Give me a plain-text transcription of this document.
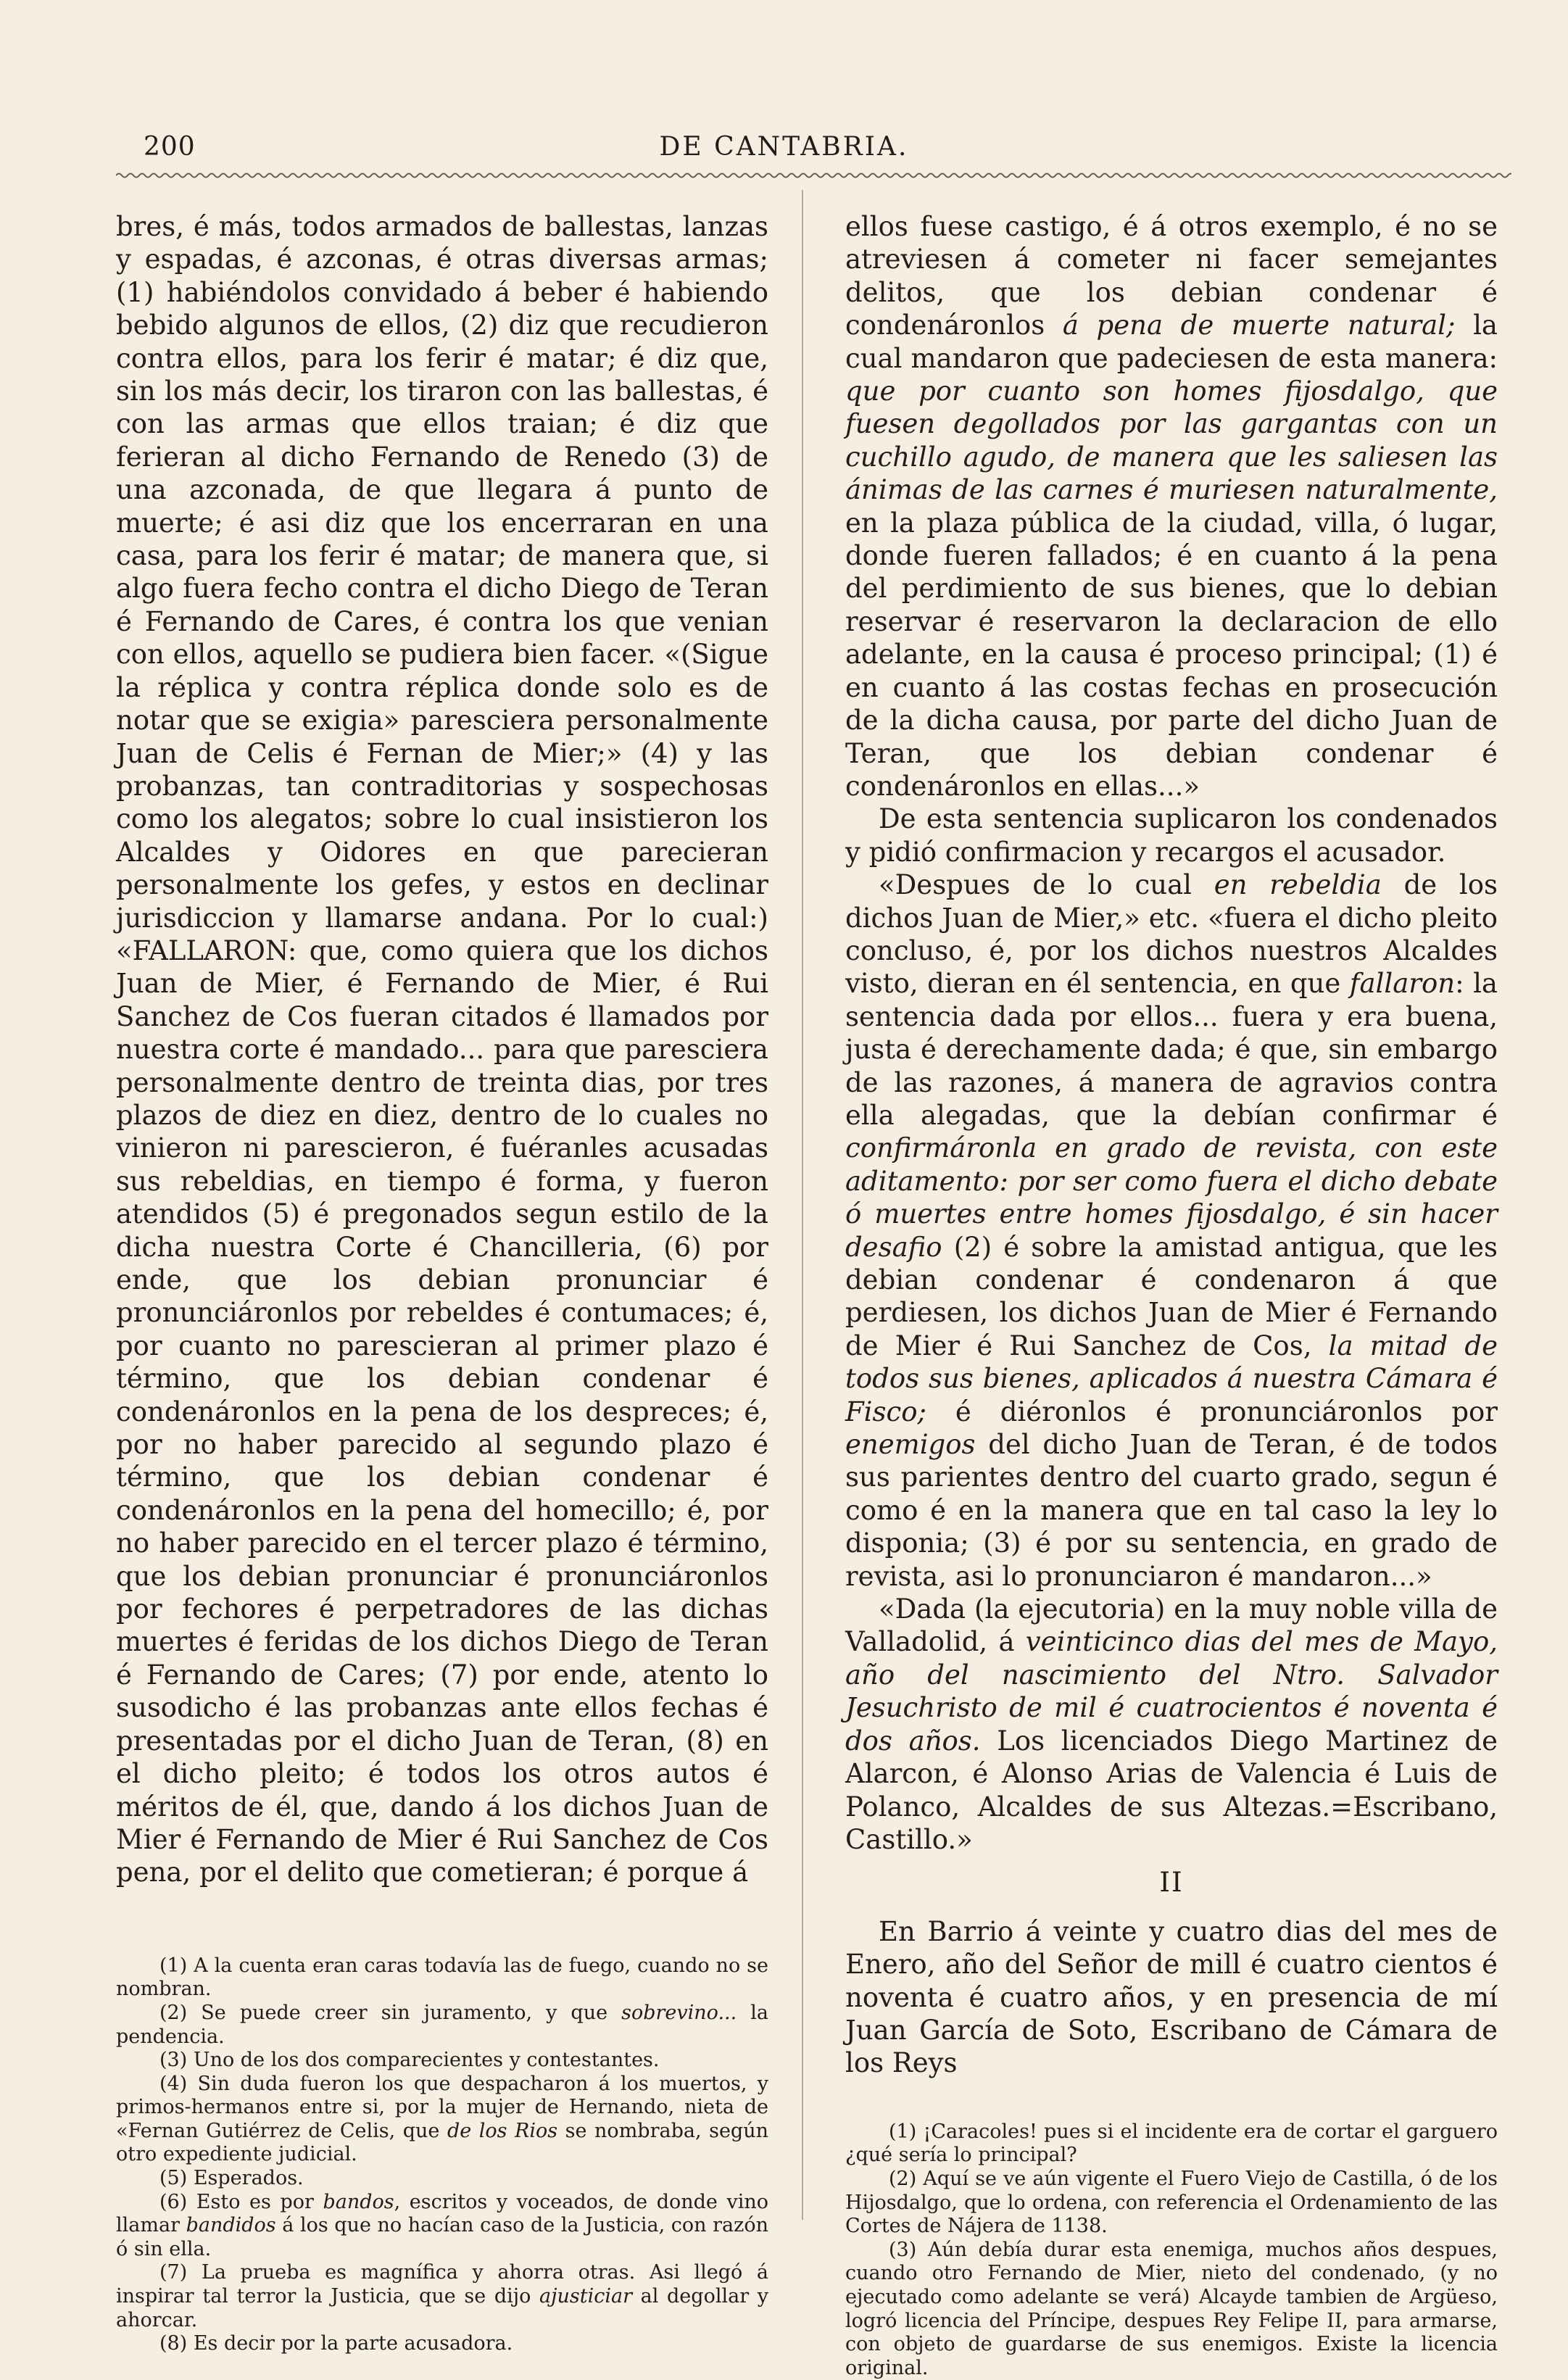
200	DE CANTABRIA.

bres, é más, todos armados de ballestas, lanzas y espadas, é azconas, é otras diversas armas; (1) habiéndolos convidado á beber é habiendo bebido algunos de ellos, (2) diz que recudieron contra ellos, para los ferir é matar; é diz que, sin los más decir, los tiraron con las ballestas, é con las armas que ellos traian; é diz que ferieran al dicho Fernando de Renedo (3) de una azconada, de que llegara á punto de muerte; é asi diz que los encerraran en una casa, para los ferir é matar; de manera que, si algo fuera fecho contra el dicho Diego de Teran é Fernando de Cares, é contra los que venian con ellos, aquello se pudiera bien facer. «(Sigue la réplica y contra réplica donde solo es de notar que se exigia» paresciera personalmente Juan de Celis é Fernan de Mier;» (4) y las probanzas, tan contraditorias y sospechosas como los alegatos; sobre lo cual insistieron los Alcaldes y Oidores en que parecieran personalmente los gefes, y estos en declinar jurisdiccion y llamarse andana. Por lo cual:) «FALLARON: que, como quiera que los dichos Juan de Mier, é Fernando de Mier, é Rui Sanchez de Cos fueran citados é llamados por nuestra corte é mandado... para que paresciera personalmente dentro de treinta dias, por tres plazos de diez en diez, dentro de lo cuales no vinieron ni parescieron, é fuéranles acusadas sus rebeldias, en tiempo é forma, y fueron atendidos (5) é pregonados segun estilo de la dicha nuestra Corte é Chancilleria, (6) por ende, que los debian pronunciar é pronunciáronlos por rebeldes é contumaces; é, por cuanto no parescieran al primer plazo é término, que los debian condenar é condenáronlos en la pena de los despreces; é, por no haber parecido al segundo plazo é término, que los debian condenar é condenáronlos en la pena del homecillo; é, por no haber parecido en el tercer plazo é término, que los debian pronunciar é pronunciáronlos por fechores é perpetradores de las dichas muertes é feridas de los dichos Diego de Teran é Fernando de Cares; (7) por ende, atento lo susodicho é las probanzas ante ellos fechas é presentadas por el dicho Juan de Teran, (8) en el dicho pleito; é todos los otros autos é méritos de él, que, dando á los dichos Juan de Mier é Fernando de Mier é Rui Sanchez de Cos pena, por el delito que cometieran; é porque á

(1) A la cuenta eran caras todavía las de fuego, cuando no se nombran.

(2) Se puede creer sin juramento, y que sobrevino... la pendencia.

(3) Uno de los dos comparecientes y contestantes.

(4) Sin duda fueron los que despacharon á los muertos, y primos-hermanos entre si, por la mujer de Hernando, nieta de «Fernan Gutiérrez de Celis, que de los Rios se nombraba, según otro expediente judicial.

(5) Esperados.

(6) Esto es por bandos, escritos y voceados, de donde vino llamar bandidos á los que no hacían caso de la Justicia, con razón ó sin ella.

(7) La prueba es magnífica y ahorra otras. Asi llegó á inspirar tal terror la Justicia, que se dijo ajusticiar al degollar y ahorcar.

(8) Es decir por la parte acusadora.

ellos fuese castigo, é á otros exemplo, é no se atreviesen á cometer ni facer semejantes delitos, que los debian condenar é condenáronlos á pena de muerte natural; la cual mandaron que padeciesen de esta manera: que por cuanto son homes fijosdalgo, que fuesen degollados por las gargantas con un cuchillo agudo, de manera que les saliesen las ánimas de las carnes é muriesen naturalmente, en la plaza pública de la ciudad, villa, ó lugar, donde fueren fallados; é en cuanto á la pena del perdimiento de sus bienes, que lo debian reservar é reservaron la declaracion de ello adelante, en la causa é proceso principal; (1) é en cuanto á las costas fechas en prosecución de la dicha causa, por parte del dicho Juan de Teran, que los debian condenar é condenáronlos en ellas...»

De esta sentencia suplicaron los condenados y pidió confirmacion y recargos el acusador.

«Despues de lo cual en rebeldia de los dichos Juan de Mier,» etc. «fuera el dicho pleito concluso, é, por los dichos nuestros Alcaldes visto, dieran en él sentencia, en que fallaron: la sentencia dada por ellos... fuera y era buena, justa é derechamente dada; é que, sin embargo de las razones, á manera de agravios contra ella alegadas, que la debían confirmar é confirmáronla en grado de revista, con este aditamento: por ser como fuera el dicho debate ó muertes entre homes fijosdalgo, é sin hacer desafio (2) é sobre la amistad antigua, que les debian condenar é condenaron á que perdiesen, los dichos Juan de Mier é Fernando de Mier é Rui Sanchez de Cos, la mitad de todos sus bienes, aplicados á nuestra Cámara é Fisco; é diéronlos é pronunciáronlos por enemigos del dicho Juan de Teran, é de todos sus parientes dentro del cuarto grado, segun é como é en la manera que en tal caso la ley lo disponia; (3) é por su sentencia, en grado de revista, asi lo pronunciaron é mandaron...»

«Dada (la ejecutoria) en la muy noble villa de Valladolid, á veinticinco dias del mes de Mayo, año del nascimiento del Ntro. Salvador Jesuchristo de mil é cuatrocientos é noventa é dos años. Los licenciados Diego Martinez de Alarcon, é Alonso Arias de Valencia é Luis de Polanco, Alcaldes de sus Altezas.=Escribano, Castillo.»

II

En Barrio á veinte y cuatro dias del mes de Enero, año del Señor de mill é cuatro cientos é noventa é cuatro años, y en presencia de mí Juan García de Soto, Escribano de Cámara de los Reys

(1) ¡Caracoles! pues si el incidente era de cortar el garguero ¿qué sería lo principal?

(2) Aquí se ve aún vigente el Fuero Viejo de Castilla, ó de los Hijosdalgo, que lo ordena, con referencia el Ordenamiento de las Cortes de Nájera de 1138.

(3) Aún debía durar esta enemiga, muchos años despues, cuando otro Fernando de Mier, nieto del condenado, (y no ejecutado como adelante se verá) Alcayde tambien de Argüeso, logró licencia del Príncipe, despues Rey Felipe II, para armarse, con objeto de guardarse de sus enemigos. Existe la licencia original.
